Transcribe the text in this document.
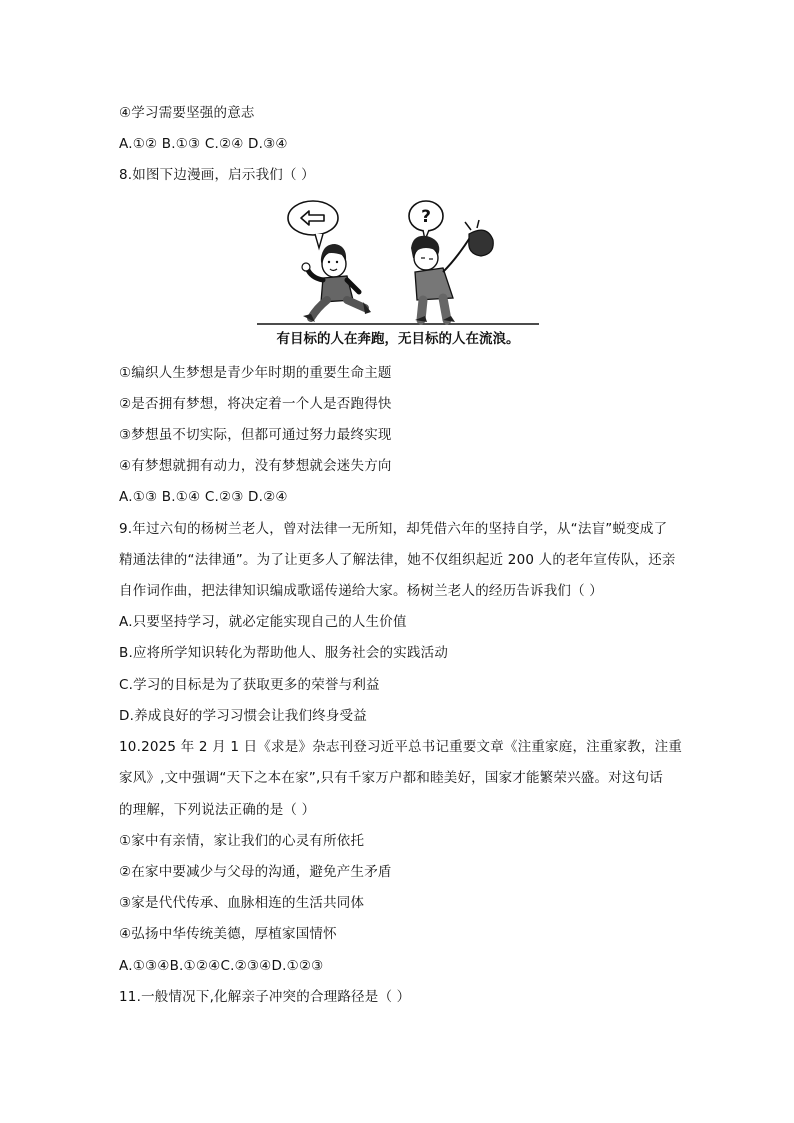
④学习需要坚强的意志
A.①② B.①③ C.②④ D.③④
8.如图下边漫画，启示我们（ ）
?
有目标的人在奔跑，无目标的人在流浪。
①编织人生梦想是青少年时期的重要生命主题
②是否拥有梦想，将决定着一个人是否跑得快
③梦想虽不切实际，但都可通过努力最终实现
④有梦想就拥有动力，没有梦想就会迷失方向
A.①③ B.①④ C.②③ D.②④
9.年过六旬的杨树兰老人，曾对法律一无所知，却凭借六年的坚持自学，从“法盲”蜕变成了
精通法律的“法律通”。为了让更多人了解法律，她不仅组织起近 200 人的老年宣传队，还亲
自作词作曲，把法律知识编成歌谣传递给大家。杨树兰老人的经历告诉我们（ ）
A.只要坚持学习，就必定能实现自己的人生价值
B.应将所学知识转化为帮助他人、服务社会的实践活动
C.学习的目标是为了获取更多的荣誉与利益
D.养成良好的学习习惯会让我们终身受益
10.2025 年 2 月 1 日《求是》杂志刊登习近平总书记重要文章《注重家庭，注重家教，注重
家风》,文中强调“天下之本在家”,只有千家万户都和睦美好，国家才能繁荣兴盛。对这句话
的理解，下列说法正确的是（ ）
①家中有亲情，家让我们的心灵有所依托
②在家中要减少与父母的沟通，避免产生矛盾
③家是代代传承、血脉相连的生活共同体
④弘扬中华传统美德，厚植家国情怀
A.①③④B.①②④C.②③④D.①②③
11.一般情况下,化解亲子冲突的合理路径是（ ）
